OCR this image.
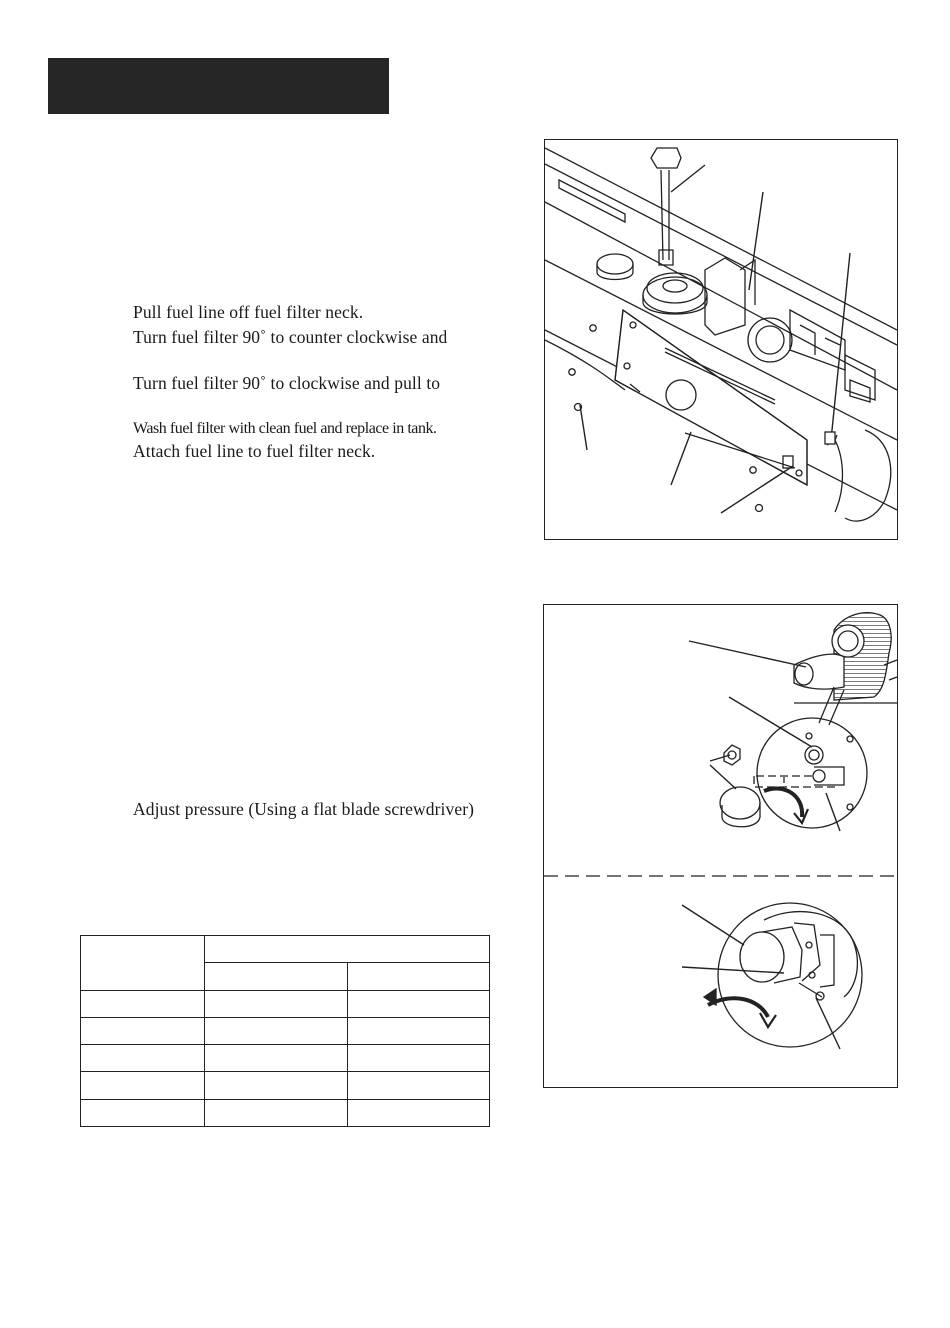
Pull fuel line off fuel filter neck.
Turn fuel filter 90˚ to counter clockwise and
Turn fuel filter 90˚ to clockwise and pull to
Wash fuel filter with clean fuel and replace in tank.
Attach fuel line to fuel filter neck.
Adjust pressure (Using a flat blade screwdriver)
